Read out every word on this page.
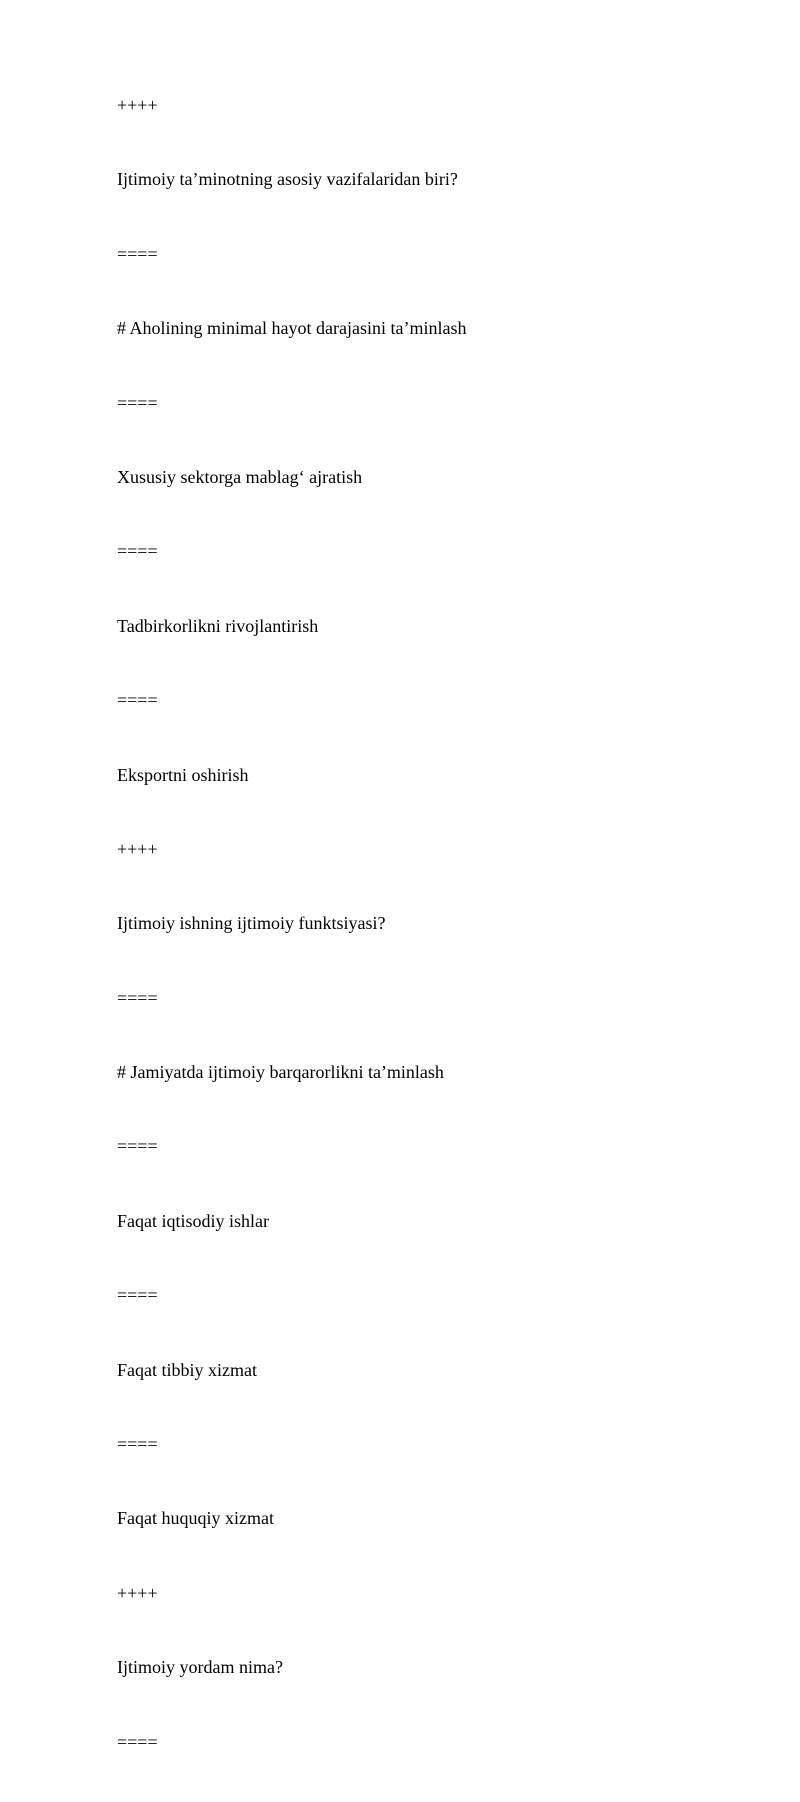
++++
Ijtimoiy ta’minotning asosiy vazifalaridan biri?
====
# Aholining minimal hayot darajasini ta’minlash
====
Xususiy sektorga mablag‘ ajratish
====
Tadbirkorlikni rivojlantirish
====
Eksportni oshirish
++++
Ijtimoiy ishning ijtimoiy funktsiyasi?
====
# Jamiyatda ijtimoiy barqarorlikni ta’minlash
====
Faqat iqtisodiy ishlar
====
Faqat tibbiy xizmat
====
Faqat huquqiy xizmat
++++
Ijtimoiy yordam nima?
====
